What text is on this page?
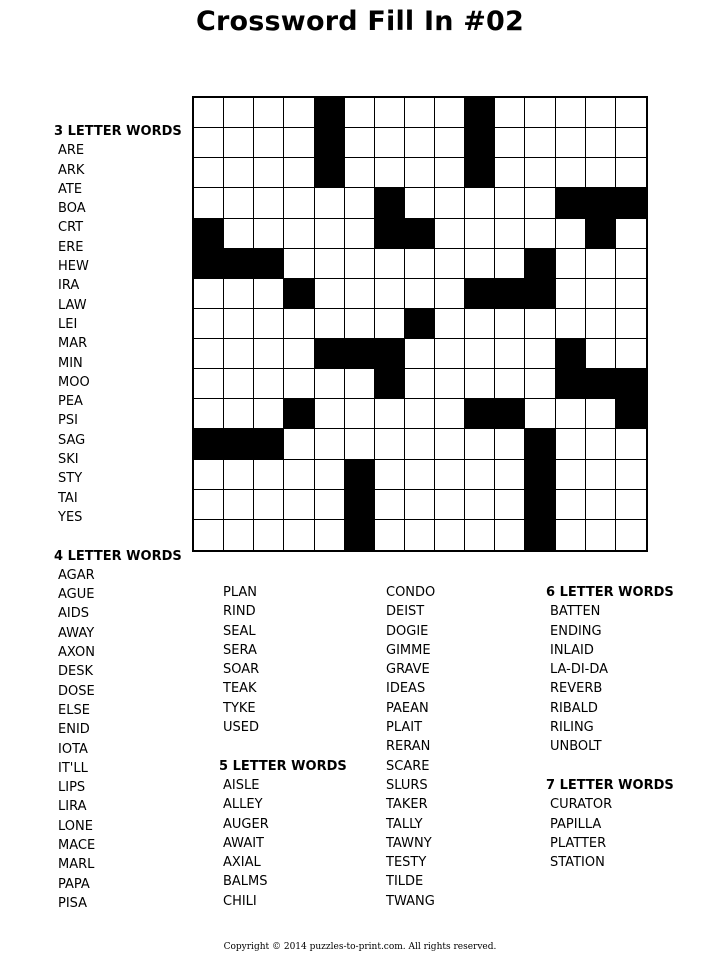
Crossword Fill In #02
3 LETTER WORDS
ARE
ARK
ATE
BOA
CRT
ERE
HEW
IRA
LAW
LEI
MAR
MIN
MOO
PEA
PSI
SAG
SKI
STY
TAI
YES
4 LETTER WORDS
AGAR
AGUE
AIDS
AWAY
AXON
DESK
DOSE
ELSE
ENID
IOTA
IT'LL
LIPS
LIRA
LONE
MACE
MARL
PAPA
PISA
PLAN
RIND
SEAL
SERA
SOAR
TEAK
TYKE
USED
5 LETTER WORDS
AISLE
ALLEY
AUGER
AWAIT
AXIAL
BALMS
CHILI
CONDO
DEIST
DOGIE
GIMME
GRAVE
IDEAS
PAEAN
PLAIT
RERAN
SCARE
SLURS
TAKER
TALLY
TAWNY
TESTY
TILDE
TWANG
6 LETTER WORDS
BATTEN
ENDING
INLAID
LA-DI-DA
REVERB
RIBALD
RILING
UNBOLT
7 LETTER WORDS
CURATOR
PAPILLA
PLATTER
STATION
Copyright © 2014 puzzles-to-print.com. All rights reserved.
